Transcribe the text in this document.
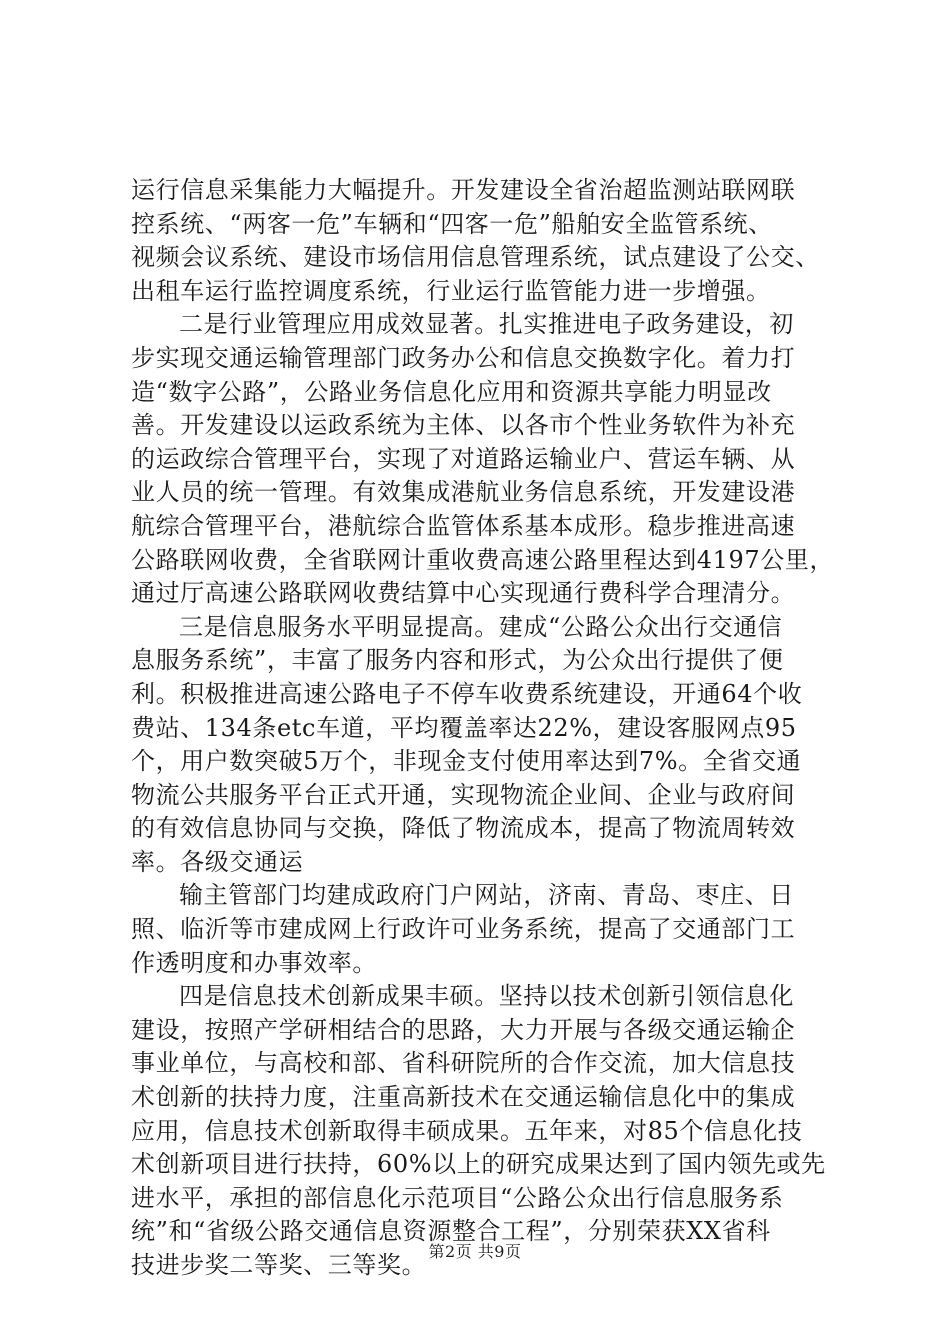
运行信息采集能力大幅提升。开发建设全省治超监测站联网联
控系统、“两客一危”车辆和“四客一危”船舶安全监管系统、
视频会议系统、建设市场信用信息管理系统，试点建设了公交、
出租车运行监控调度系统，行业运行监管能力进一步增强。
二是行业管理应用成效显著。扎实推进电子政务建设，初
步实现交通运输管理部门政务办公和信息交换数字化。着力打
造“数字公路”，公路业务信息化应用和资源共享能力明显改
善。开发建设以运政系统为主体、以各市个性业务软件为补充
的运政综合管理平台，实现了对道路运输业户、营运车辆、从
业人员的统一管理。有效集成港航业务信息系统，开发建设港
航综合管理平台，港航综合监管体系基本成形。稳步推进高速
公路联网收费，全省联网计重收费高速公路里程达到4197公里，
通过厅高速公路联网收费结算中心实现通行费科学合理清分。
三是信息服务水平明显提高。建成“公路公众出行交通信
息服务系统”，丰富了服务内容和形式，为公众出行提供了便
利。积极推进高速公路电子不停车收费系统建设，开通64个收
费站、134条etc车道，平均覆盖率达22%，建设客服网点95
个，用户数突破5万个，非现金支付使用率达到7%。全省交通
物流公共服务平台正式开通，实现物流企业间、企业与政府间
的有效信息协同与交换，降低了物流成本，提高了物流周转效
率。各级交通运
输主管部门均建成政府门户网站，济南、青岛、枣庄、日
照、临沂等市建成网上行政许可业务系统，提高了交通部门工
作透明度和办事效率。
四是信息技术创新成果丰硕。坚持以技术创新引领信息化
建设，按照产学研相结合的思路，大力开展与各级交通运输企
事业单位，与高校和部、省科研院所的合作交流，加大信息技
术创新的扶持力度，注重高新技术在交通运输信息化中的集成
应用，信息技术创新取得丰硕成果。五年来，对85个信息化技
术创新项目进行扶持，60%以上的研究成果达到了国内领先或先
进水平，承担的部信息化示范项目“公路公众出行信息服务系
统”和“省级公路交通信息资源整合工程”，分别荣获XX省科
技进步奖二等奖、三等奖。 第2页 共9页
